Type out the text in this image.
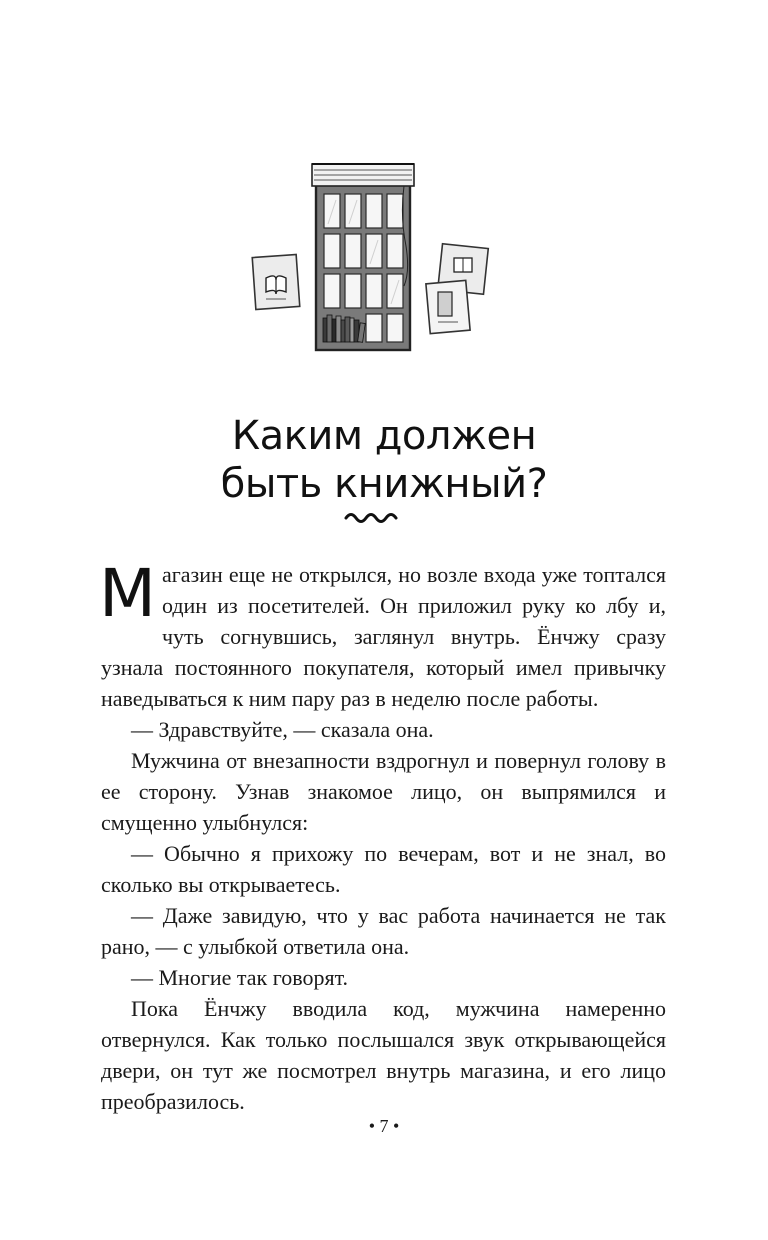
Каким должен
быть книжный?

Магазин еще не открылся, но возле входа уже топтался один из посетителей. Он приложил руку ко лбу и, чуть согнувшись, заглянул внутрь. Ёнчжу сразу узнала постоянного покупателя, который имел привычку наведываться к ним пару раз в неделю после работы.

— Здравствуйте, — сказала она.

Мужчина от внезапности вздрогнул и повернул голову в ее сторону. Узнав знакомое лицо, он выпрямился и смущенно улыбнулся:

— Обычно я прихожу по вечерам, вот и не знал, во сколько вы открываетесь.

— Даже завидую, что у вас работа начинается не так рано, — с улыбкой ответила она.

— Многие так говорят.

Пока Ёнчжу вводила код, мужчина намеренно отвернулся. Как только послышался звук открывающейся двери, он тут же посмотрел внутрь магазина, и его лицо преобразилось.

• 7 •
